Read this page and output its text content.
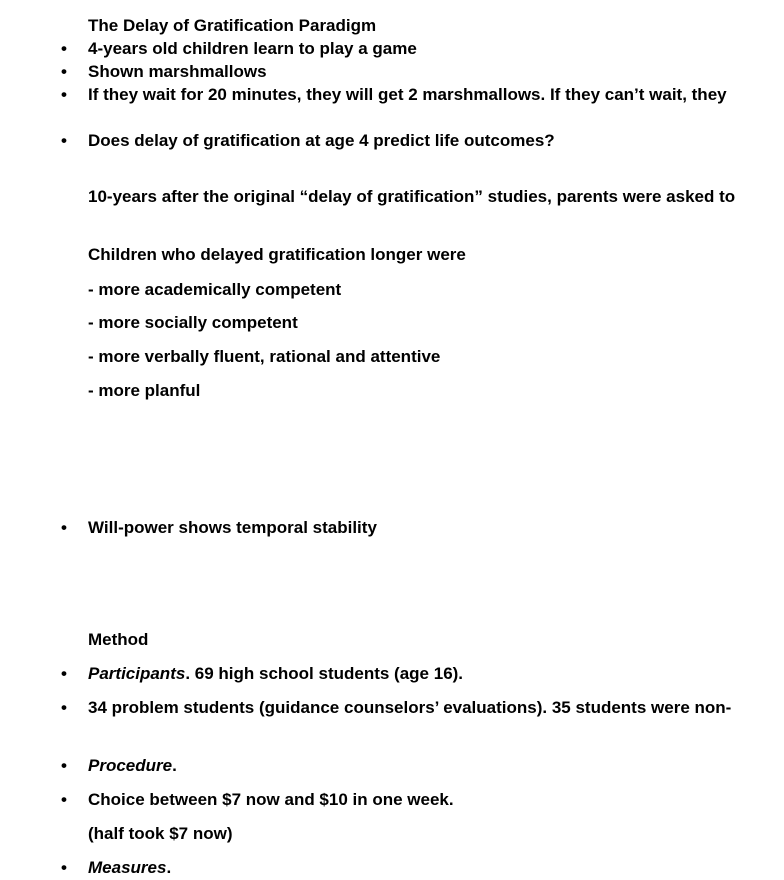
The Delay of Gratification Paradigm
• 4-years old children learn to play a game
• Shown marshmallows
• If they wait for 20 minutes, they will get 2 marshmallows. If they can’t wait, they
• Does delay of gratification at age 4 predict life outcomes?
10-years after the original “delay of gratification” studies, parents were asked to
Children who delayed gratification longer were
- more academically competent
- more socially competent
- more verbally fluent, rational and attentive
- more planful
• Will-power shows temporal stability
Method
• Participants. 69 high school students (age 16).
• 34 problem students (guidance counselors’ evaluations). 35 students were non-
• Procedure.
• Choice between $7 now and $10 in one week.
(half took $7 now)
• Measures.
